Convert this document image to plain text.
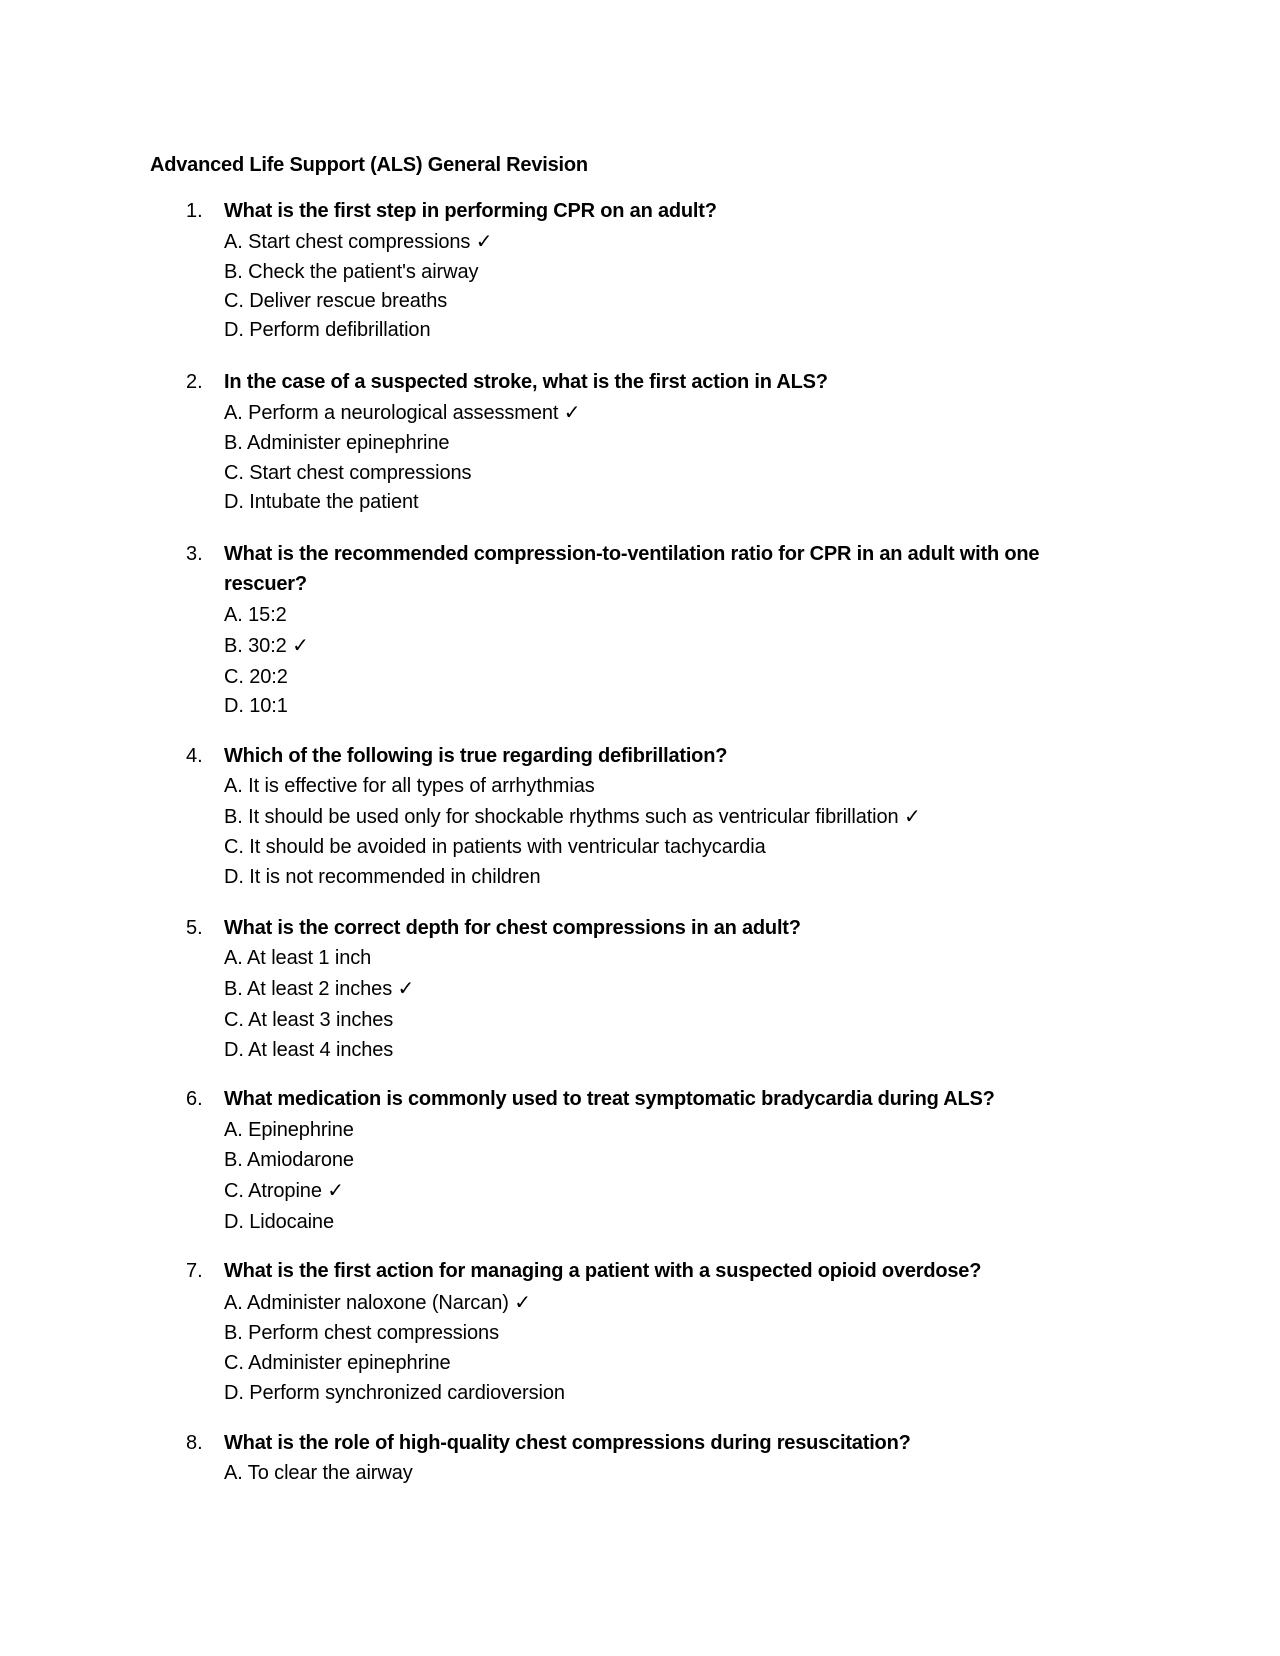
Advanced Life Support (ALS) General Revision
1. What is the first step in performing CPR on an adult?
A. Start chest compressions ✓
B. Check the patient's airway
C. Deliver rescue breaths
D. Perform defibrillation
2. In the case of a suspected stroke, what is the first action in ALS?
A. Perform a neurological assessment ✓
B. Administer epinephrine
C. Start chest compressions
D. Intubate the patient
3. What is the recommended compression-to-ventilation ratio for CPR in an adult with one rescuer?
A. 15:2
B. 30:2 ✓
C. 20:2
D. 10:1
4. Which of the following is true regarding defibrillation?
A. It is effective for all types of arrhythmias
B. It should be used only for shockable rhythms such as ventricular fibrillation ✓
C. It should be avoided in patients with ventricular tachycardia
D. It is not recommended in children
5. What is the correct depth for chest compressions in an adult?
A. At least 1 inch
B. At least 2 inches ✓
C. At least 3 inches
D. At least 4 inches
6. What medication is commonly used to treat symptomatic bradycardia during ALS?
A. Epinephrine
B. Amiodarone
C. Atropine ✓
D. Lidocaine
7. What is the first action for managing a patient with a suspected opioid overdose?
A. Administer naloxone (Narcan) ✓
B. Perform chest compressions
C. Administer epinephrine
D. Perform synchronized cardioversion
8. What is the role of high-quality chest compressions during resuscitation?
A. To clear the airway
